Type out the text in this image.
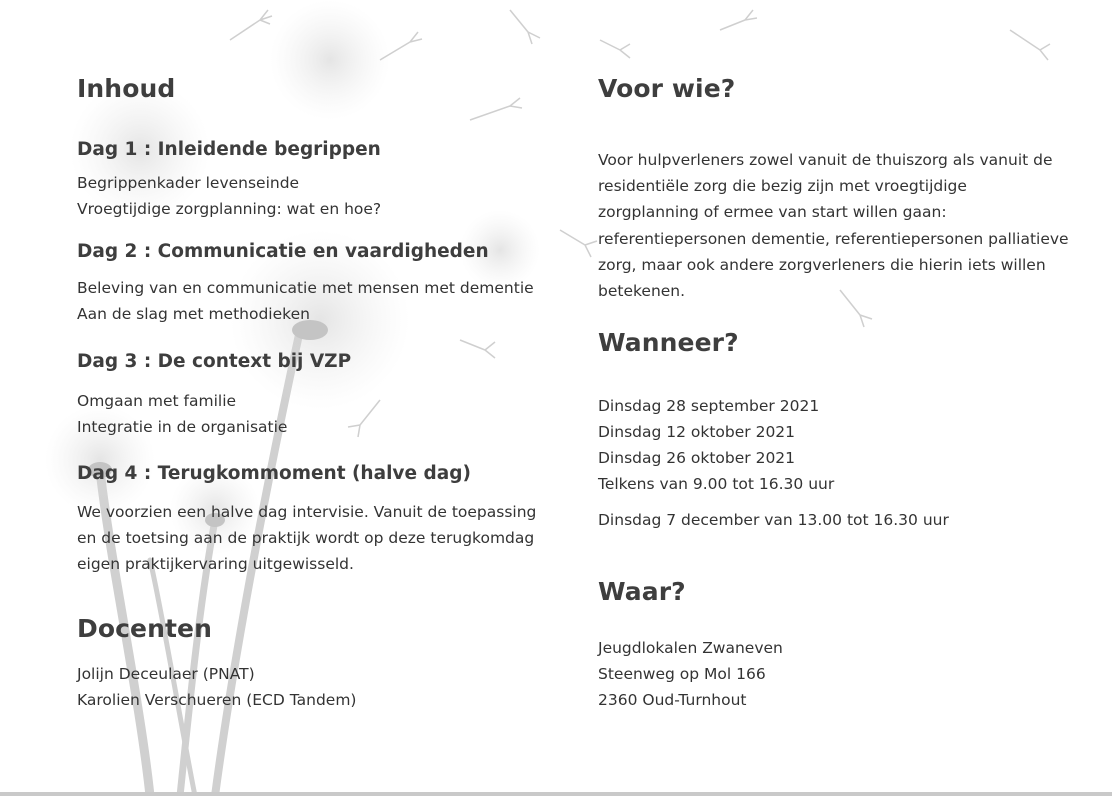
Inhoud
Dag 1 : Inleidende begrippen
Begrippenkader levenseinde
Vroegtijdige zorgplanning: wat en hoe?
Dag 2 : Communicatie en vaardigheden
Beleving van en communicatie met mensen met dementie
Aan de slag met methodieken
Dag 3 : De context bij VZP
Omgaan met familie
Integratie in de organisatie
Dag 4 : Terugkommoment (halve dag)
We voorzien een halve dag intervisie. Vanuit de toepassing
en de toetsing aan de praktijk wordt op deze terugkomdag
eigen praktijkervaring uitgewisseld.
Docenten
Jolijn Deceulaer (PNAT)
Karolien Verschueren (ECD Tandem)
Voor wie?
Voor hulpverleners zowel vanuit de thuiszorg als vanuit de
residentiële zorg die bezig zijn met vroegtijdige
zorgplanning of ermee van start willen gaan:
referentiepersonen dementie, referentiepersonen palliatieve
zorg, maar ook andere zorgverleners die hierin iets willen
betekenen.
Wanneer?
Dinsdag 28 september 2021
Dinsdag 12 oktober 2021
Dinsdag 26 oktober 2021
Telkens van 9.00 tot 16.30 uur
Dinsdag 7 december van 13.00 tot 16.30 uur
Waar?
Jeugdlokalen Zwaneven
Steenweg op Mol 166
2360 Oud-Turnhout
